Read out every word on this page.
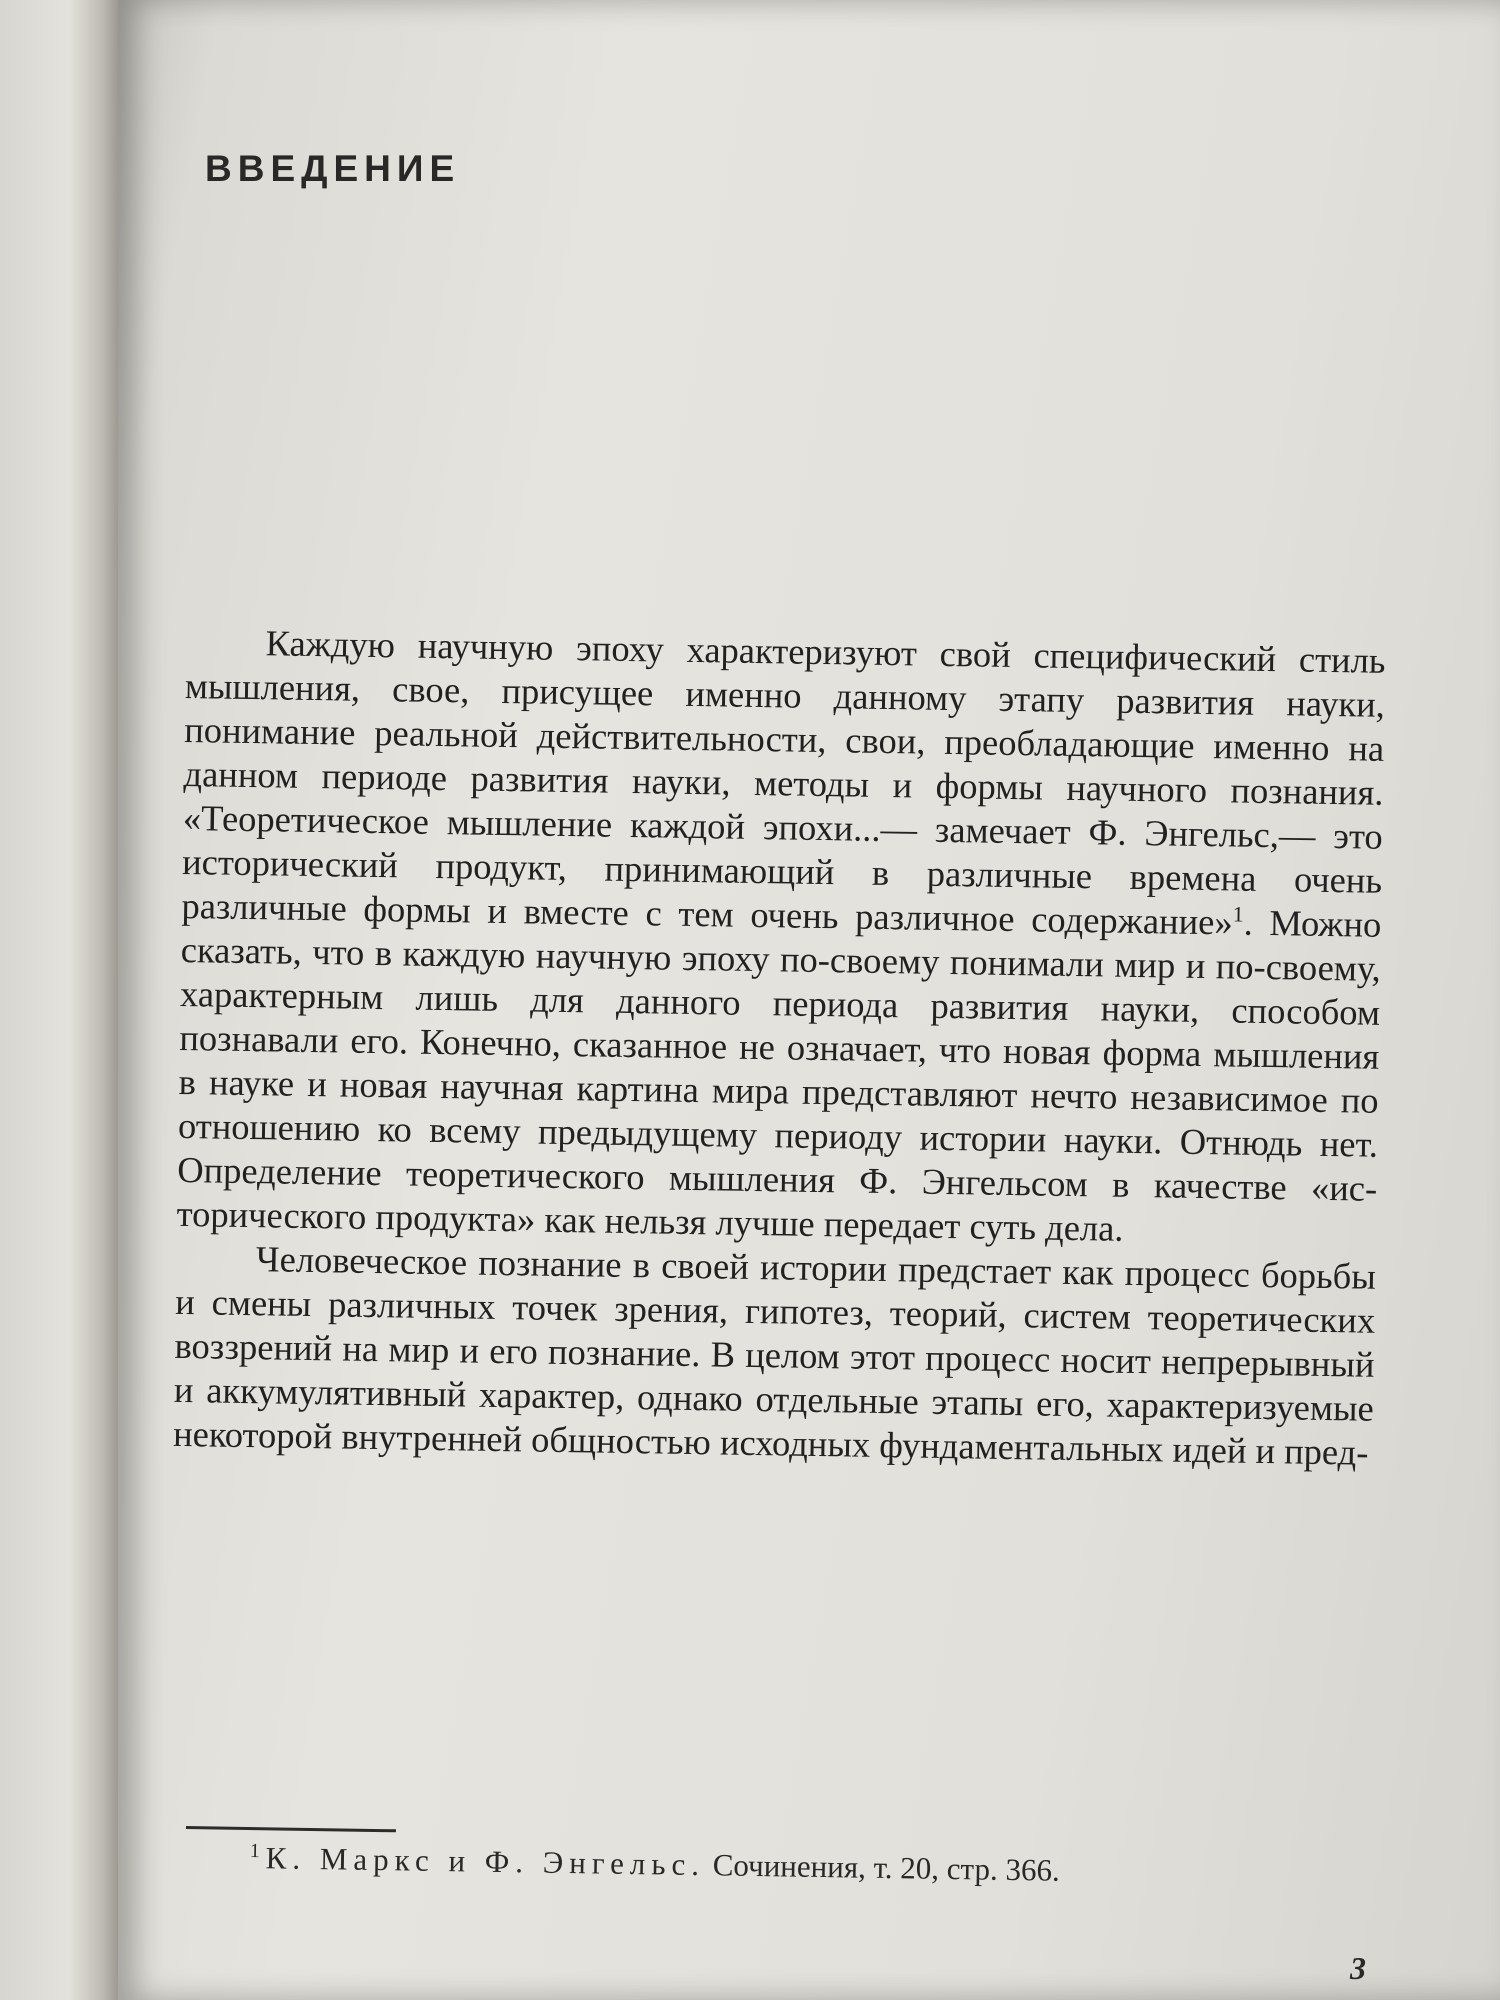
ВВЕДЕНИЕ

Каждую научную эпоху характеризуют свой специфический стиль мышления, свое, присущее именно данному этапу развития науки, понимание реальной действительности, свои, преобладающие именно на данном периоде развития науки, методы и формы научного познания. «Теоретическое мышление каждой эпохи...— замечает Ф. Энгельс,— это исторический продукт, принимающий в различные времена очень различные формы и вместе с тем очень различное содержание»$^1$. Можно сказать, что в каждую научную эпоху по-своему понимали мир и по-своему, характерным лишь для данного периода развития науки, способом познавали его. Конечно, сказанное не означает, что новая форма мышления в науке и новая научная картина мира представляют нечто независимое по отношению ко всему предыдущему периоду истории науки. Отнюдь нет. Определение теоретического мышления Ф. Энгельсом в качестве «исторического продукта» как нельзя лучше передает суть дела.

Человеческое познание в своей истории предстает как процесс борьбы и смены различных точек зрения, гипотез, теорий, систем теоретических воззрений на мир и его познание. В целом этот процесс носит непрерывный и аккумулятивный характер, однако отдельные этапы его, характеризуемые некоторой внутренней общностью исходных фундаментальных идей и пред-

$^1$ К. Маркс и Ф. Энгельс. Сочинения, т. 20, стр. 366.

3
